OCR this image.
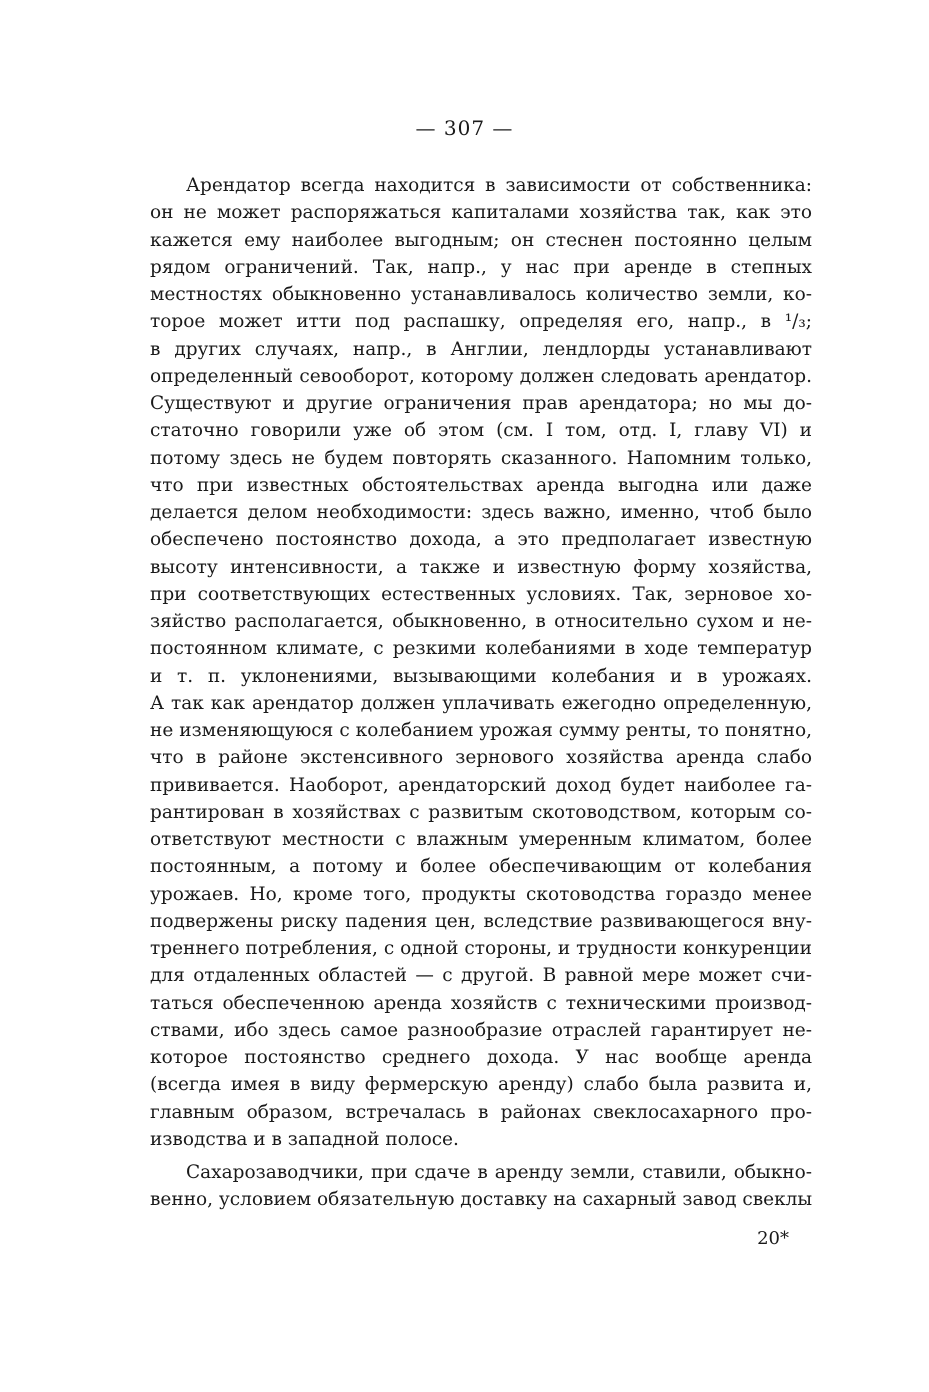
— 307 —
Арендатор всегда находится в зависимости от собственника:
он не может распоряжаться капиталами хозяйства так, как это
кажется ему наиболее выгодным; он стеснен постоянно целым
рядом ограничений. Так, напр., у нас при аренде в степных
местностях обыкновенно устанавливалось количество земли, ко-
торое может итти под распашку, определяя его, напр., в ¹/₃;
в других случаях, напр., в Англии, лендлорды устанавливают
определенный севооборот, которому должен следовать арендатор.
Существуют и другие ограничения прав арендатора; но мы до-
статочно говорили уже об этом (см. I том, отд. I, главу VI) и
потому здесь не будем повторять сказанного. Напомним только,
что при известных обстоятельствах аренда выгодна или даже
делается делом необходимости: здесь важно, именно, чтоб было
обеспечено постоянство дохода, а это предполагает известную
высоту интенсивности, а также и известную форму хозяйства,
при соответствующих естественных условиях. Так, зерновое хо-
зяйство располагается, обыкновенно, в относительно сухом и не-
постоянном климате, с резкими колебаниями в ходе температур
и т. п. уклонениями, вызывающими колебания и в урожаях.
А так как арендатор должен уплачивать ежегодно определенную,
не изменяющуюся с колебанием урожая сумму ренты, то понятно,
что в районе экстенсивного зернового хозяйства аренда слабо
прививается. Наоборот, арендаторский доход будет наиболее га-
рантирован в хозяйствах с развитым скотоводством, которым со-
ответствуют местности с влажным умеренным климатом, более
постоянным, а потому и более обеспечивающим от колебания
урожаев. Но, кроме того, продукты скотоводства гораздо менее
подвержены риску падения цен, вследствие развивающегося вну-
треннего потребления, с одной стороны, и трудности конкуренции
для отдаленных областей — с другой. В равной мере может счи-
таться обеспеченною аренда хозяйств с техническими производ-
ствами, ибо здесь самое разнообразие отраслей гарантирует не-
которое постоянство среднего дохода. У нас вообще аренда
(всегда имея в виду фермерскую аренду) слабо была развита и,
главным образом, встречалась в районах свеклосахарного про-
изводства и в западной полосе.
Сахарозаводчики, при сдаче в аренду земли, ставили, обыкно-
венно, условием обязательную доставку на сахарный завод свеклы
20*
